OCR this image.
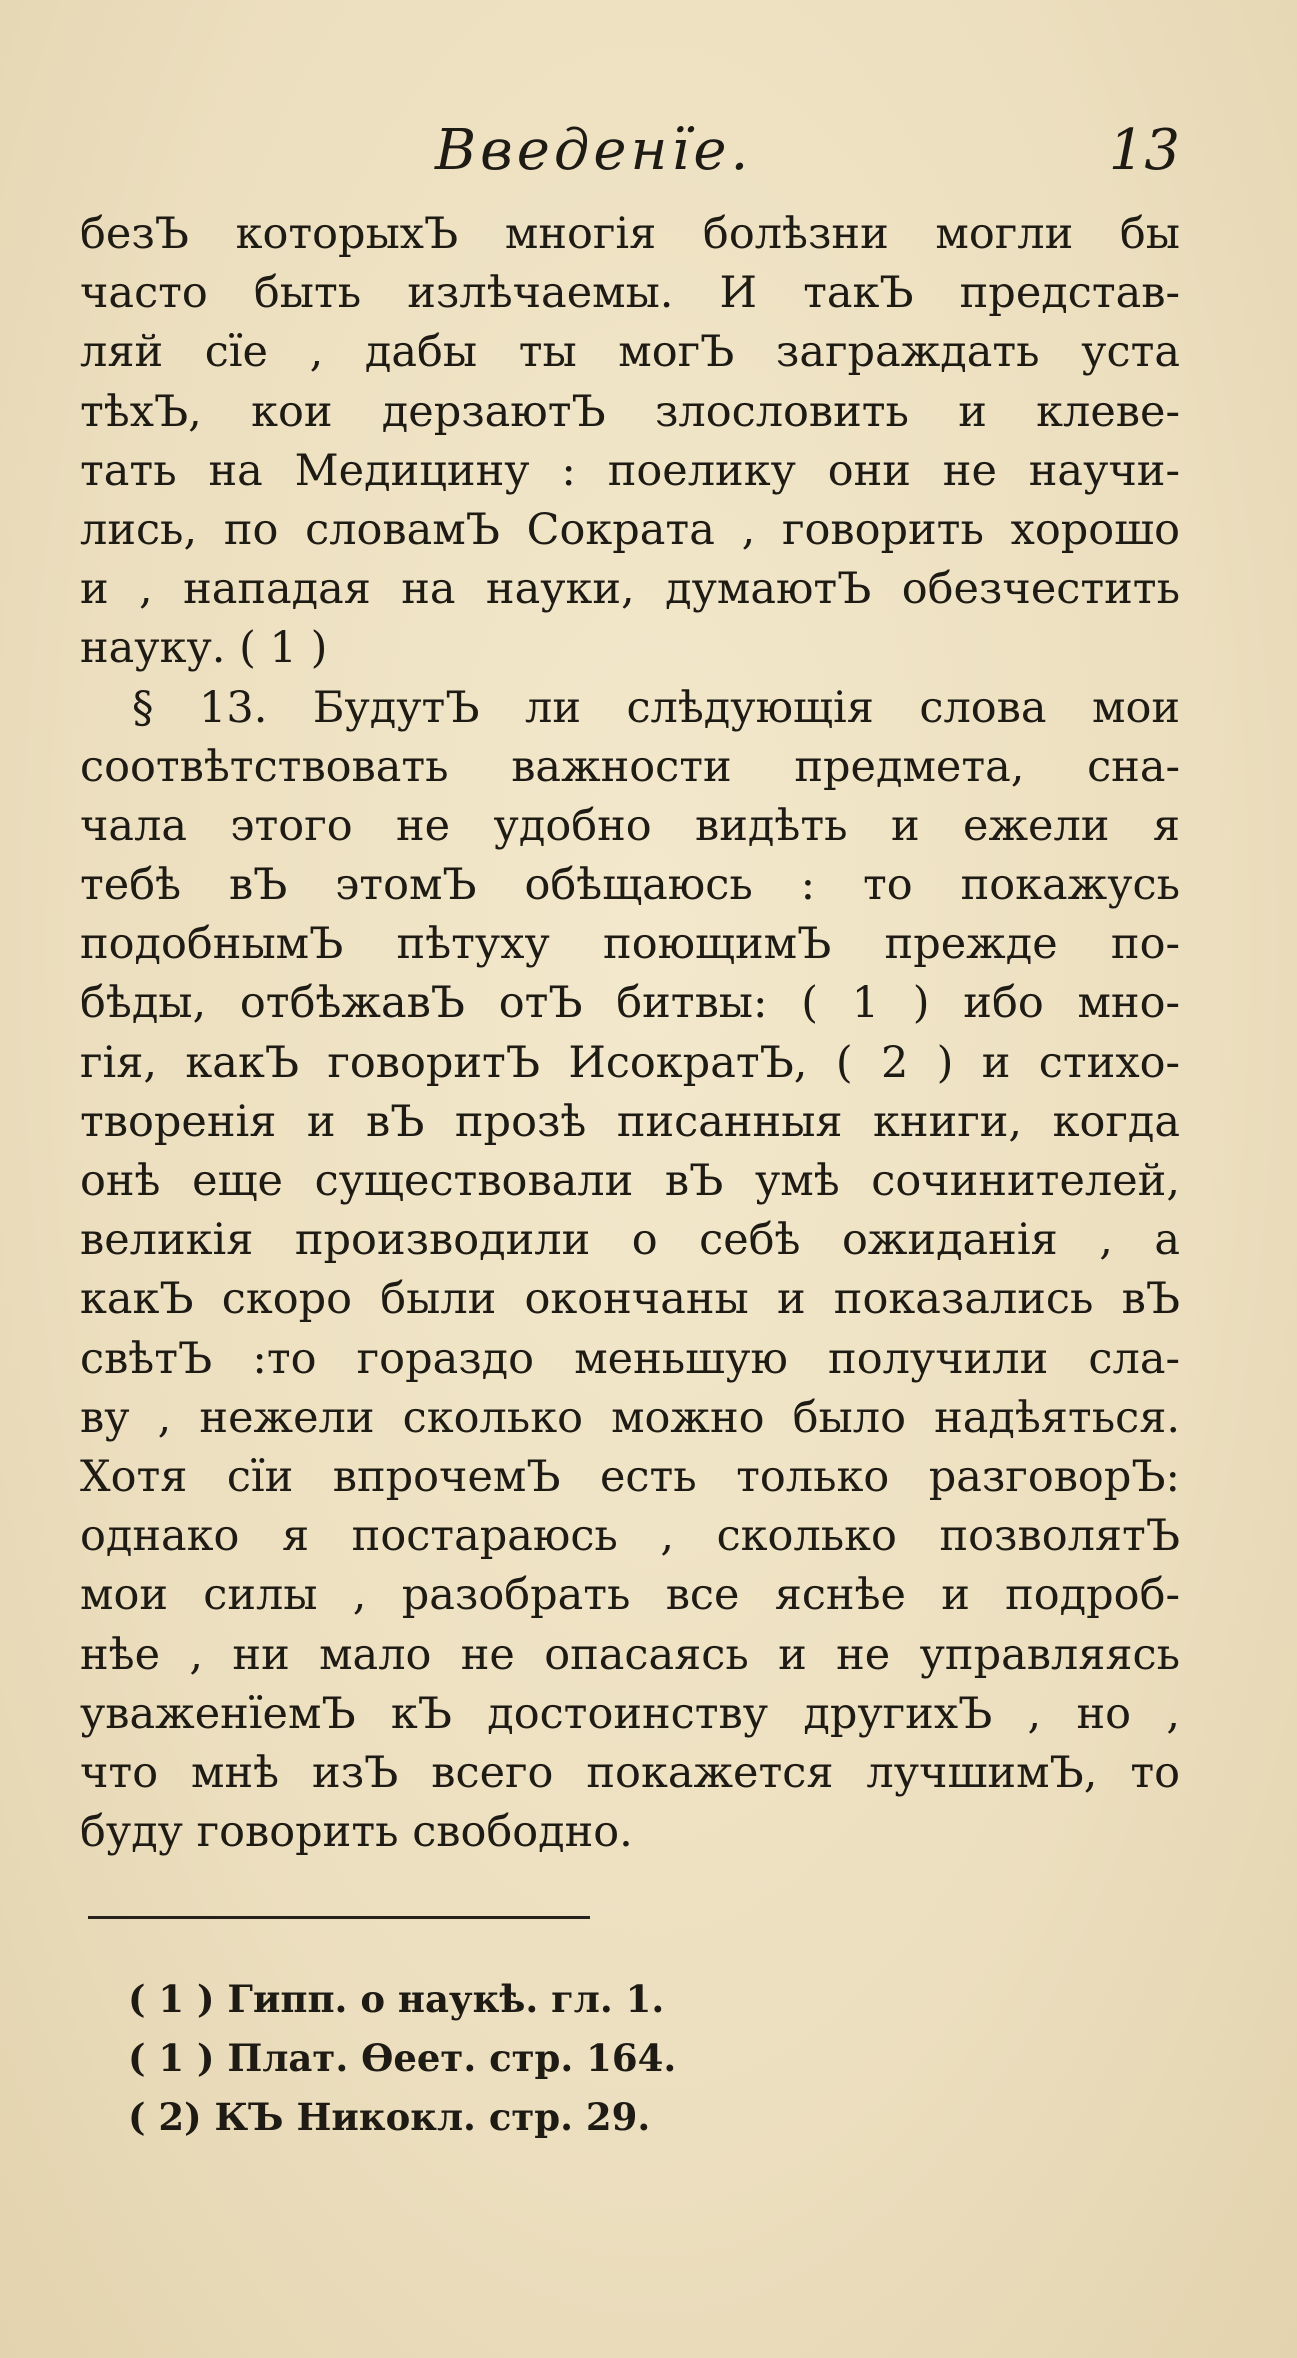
Введенïе.	13
безЪ которыхЪ многія болѣзни могли бы
часто быть излѣчаемы. И такЪ представ-
ляй сïе , дабы ты могЪ заграждать уста
тѣхЪ, кои дерзаютЪ злословить и клеве-
тать на Медицину : поелику они не научи-
лись, по словамЪ Сократа , говорить хорошо
и , нападая на науки, думаютЪ обезчестить
науку. ( 1 )
§ 13. БудутЪ ли слѣдующія слова мои
соотвѣтствовать важности предмета, сна-
чала этого не удобно видѣть и ежели я
тебѣ вЪ этомЪ обѣщаюсь : то покажусь
подобнымЪ пѣтуху поющимЪ прежде по-
бѣды, отбѣжавЪ отЪ битвы: ( 1 ) ибо мно-
гія, какЪ говоритЪ ИсократЪ, ( 2 ) и стихо-
творенія и вЪ прозѣ писанныя книги, когда
онѣ еще существовали вЪ умѣ сочинителей,
великія производили о себѣ ожиданія , а
какЪ скоро были окончаны и показались вЪ
свѣтЪ :то гораздо меньшую получили сла-
ву , нежели сколько можно было надѣяться.
Хотя сïи впрочемЪ есть только разговорЪ:
однако я постараюсь , сколько позволятЪ
мои силы , разобрать все яснѣе и подроб-
нѣе , ни мало не опасаясь и не управляясь
уваженïемЪ кЪ достоинству другихЪ , но ,
что мнѣ изЪ всего покажется лучшимЪ, то
буду говорить свободно.
( 1 ) Гипп. о наукѣ. гл. 1.
( 1 ) Плат. Ѳеет. стр. 164.
( 2) КЪ Никокл. стр. 29.
